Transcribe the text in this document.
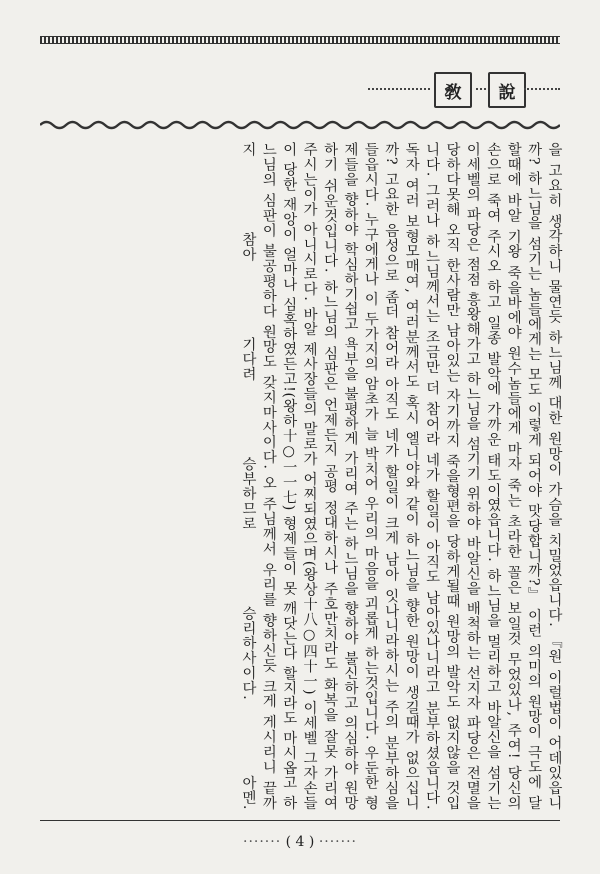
敎	說
을 고요히 생각하니 물연듯 하느님께 대한 원망이 가슴을 치밀었읍니다. 『원 이럴법이 어데있읍니까? 하느님을 섬기는 놈들에게는 모도 이렇게 되어야 맛당합니까?』 이런 의미의 원망이 극도에 달할때에 바알 기왕 죽을바에야 원수놈들에게 마자 죽는 초라한 꼴은 보일것 무었있나, 주여! 당신의 손으로 죽여 주시오 하고 일종 발악에 가까운 태도이였읍니다. 하느님을 멀리하고 바알신을 섬기는 이세벨의 파당은 점점 흥왕해가고 하느님을 섬기기 위하야 바알신을 배척하는 선지자 파당은 전멸을 당하다못해 오직 한사람만 남아있는 자기까지 죽을형편을 당하게될때 원망의 발악도 없지않을 것입니다. 그러나 하느님께서는 조금만 더 참어라 네가 할일이 아직도 남아있나니라고 분부하셨읍니다. 독자 여러 보형모매여, 여러분께서도 혹시 엘니야와 같이 하느님을 향한 원망이 생길때가 없으십니까? 고요한 음성으로 좀더 참어라 아직도 네가 할일이 크게 남아 잇나니라하시는 주의 분부하심을 들읍시다. 누구에게나 이 두가지의 암초가 늘 박치어 우리의 마음을 괴롭게 하는것입니다. 우둔한 형제들을 향하야 학심하기쉽고 욕부을 불평하게 가리여 주는 하느님을 향하야 불신하고 의심하야 원망하기 쉬운것입니다. 하느님의 심판은 언제든지 공평 정대하시나 주호만치라도 화복을 잘못 가리여 주시는이가 아니시로다. 바알 제사장들의 말로가 어찌되였으며(왕상十八○四十一) 이세벨 그자손들이 당한 재앙이 얼마나 심혹하였든고!(왕하十○一一七) 형제들이 못 깨닷는다 할지라도 마시옵고 하느님의 심판이 불공평하다 원망도 갖지마사이다. 오 주님께서 우리를 향하신듯 크게 게시리니 끝까지 참아 기다려 승부하므로 승리하사이다. 아멘.
······· ( 4 ) ·······
